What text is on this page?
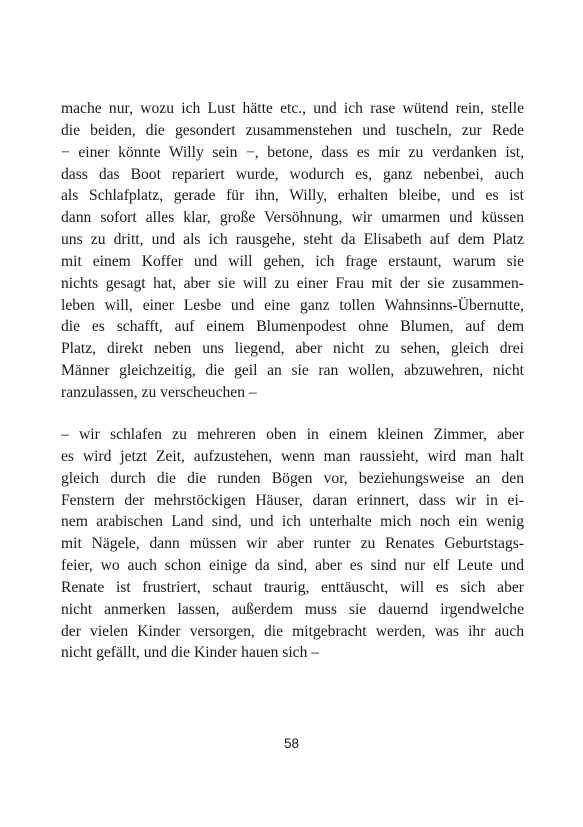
mache nur, wozu ich Lust hätte etc., und ich rase wütend rein, stelle
die beiden, die gesondert zusammenstehen und tuscheln, zur Rede
− einer könnte Willy sein −, betone, dass es mir zu verdanken ist,
dass das Boot repariert wurde, wodurch es, ganz nebenbei, auch
als Schlafplatz, gerade für ihn, Willy, erhalten bleibe, und es ist
dann sofort alles klar, große Versöhnung, wir umarmen und küssen
uns zu dritt, und als ich rausgehe, steht da Elisabeth auf dem Platz
mit einem Koffer und will gehen, ich frage erstaunt, warum sie
nichts gesagt hat, aber sie will zu einer Frau mit der sie zusammen-
leben will, einer Lesbe und eine ganz tollen Wahnsinns-Übernutte,
die es schafft, auf einem Blumenpodest ohne Blumen, auf dem
Platz, direkt neben uns liegend, aber nicht zu sehen, gleich drei
Männer gleichzeitig, die geil an sie ran wollen, abzuwehren, nicht
ranzulassen, zu verscheuchen –
– wir schlafen zu mehreren oben in einem kleinen Zimmer, aber
es wird jetzt Zeit, aufzustehen, wenn man raussieht, wird man halt
gleich durch die die runden Bögen vor, beziehungsweise an den
Fenstern der mehrstöckigen Häuser, daran erinnert, dass wir in ei-
nem arabischen Land sind, und ich unterhalte mich noch ein wenig
mit Nägele, dann müssen wir aber runter zu Renates Geburtstags-
feier, wo auch schon einige da sind, aber es sind nur elf Leute und
Renate ist frustriert, schaut traurig, enttäuscht, will es sich aber
nicht anmerken lassen, außerdem muss sie dauernd irgendwelche
der vielen Kinder versorgen, die mitgebracht werden, was ihr auch
nicht gefällt, und die Kinder hauen sich –
58
